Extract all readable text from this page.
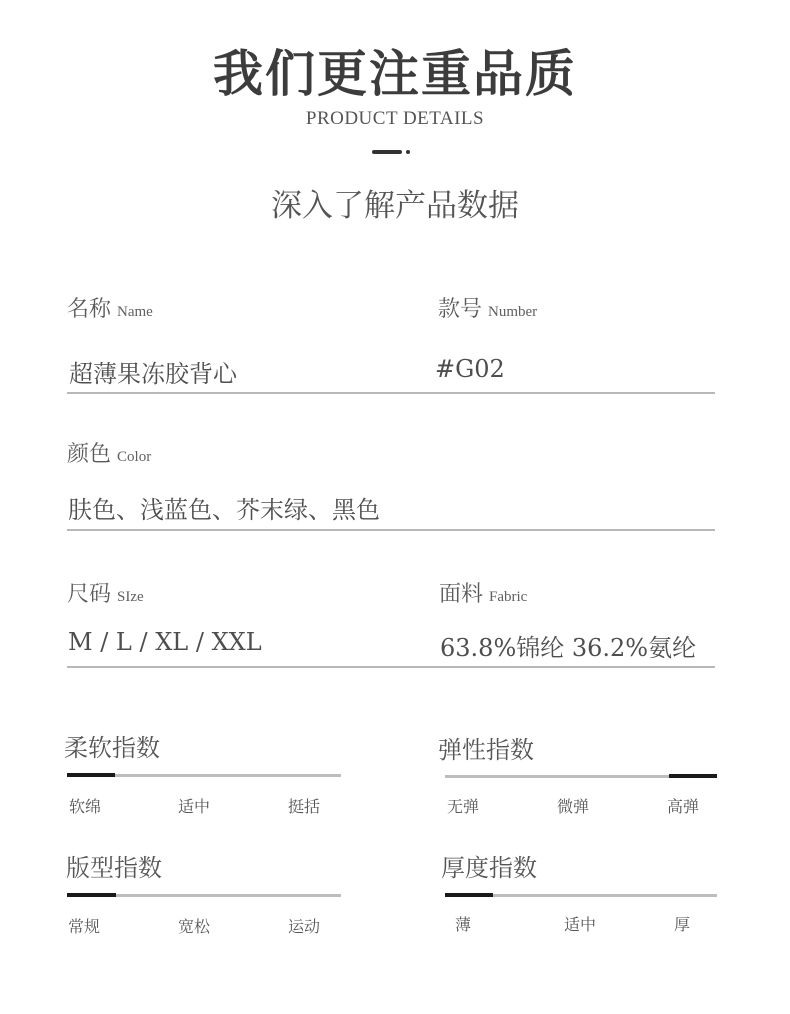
我们更注重品质
PRODUCT DETAILS
深入了解产品数据
名称 Name
超薄果冻胶背心
款号 Number
#G02
颜色 Color
肤色、浅蓝色、芥末绿、黑色
尺码 SIze
M / L / XL / XXL
面料 Fabric
63.8%锦纶 36.2%氨纶
柔软指数
软绵	适中	挺括
弹性指数
无弹	微弹	高弹
版型指数
常规	宽松	运动
厚度指数
薄	适中	厚
